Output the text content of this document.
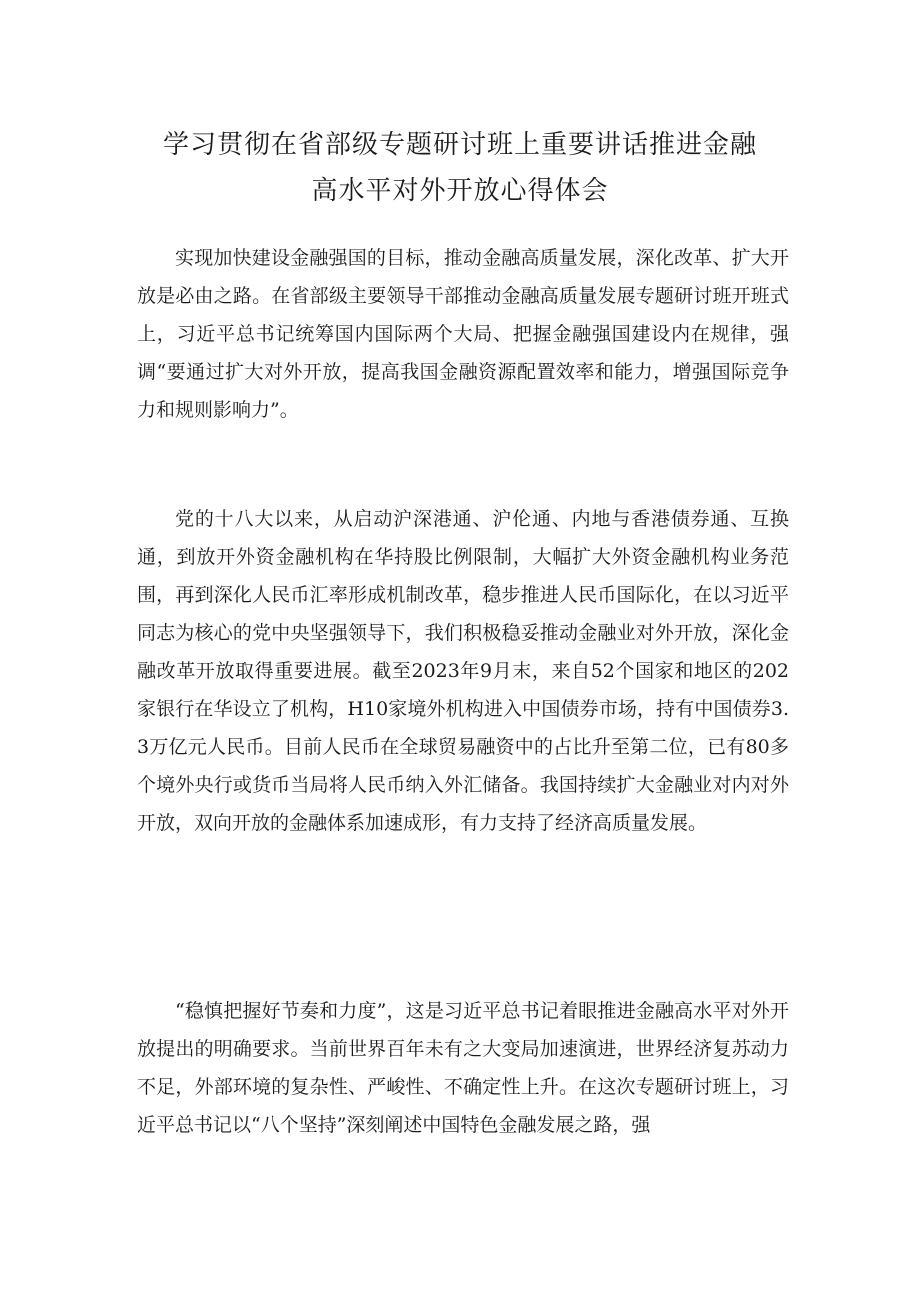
学习贯彻在省部级专题研讨班上重要讲话推进金融
高水平对外开放心得体会

实现加快建设金融强国的目标，推动金融高质量发展，深化改革、扩大开放是必由之路。在省部级主要领导干部推动金融高质量发展专题研讨班开班式上，习近平总书记统筹国内国际两个大局、把握金融强国建设内在规律，强调“要通过扩大对外开放，提高我国金融资源配置效率和能力，增强国际竞争力和规则影响力”。

党的十八大以来，从启动沪深港通、沪伦通、内地与香港债券通、互换通，到放开外资金融机构在华持股比例限制，大幅扩大外资金融机构业务范围，再到深化人民币汇率形成机制改革，稳步推进人民币国际化，在以习近平同志为核心的党中央坚强领导下，我们积极稳妥推动金融业对外开放，深化金融改革开放取得重要进展。截至2023年9月末，来自52个国家和地区的202家银行在华设立了机构，H10家境外机构进入中国债券市场，持有中国债券3.3万亿元人民币。目前人民币在全球贸易融资中的占比升至第二位，已有80多个境外央行或货币当局将人民币纳入外汇储备。我国持续扩大金融业对内对外开放，双向开放的金融体系加速成形，有力支持了经济高质量发展。

“稳慎把握好节奏和力度”，这是习近平总书记着眼推进金融高水平对外开放提出的明确要求。当前世界百年未有之大变局加速演进，世界经济复苏动力不足，外部环境的复杂性、严峻性、不确定性上升。在这次专题研讨班上，习近平总书记以“八个坚持”深刻阐述中国特色金融发展之路，强
